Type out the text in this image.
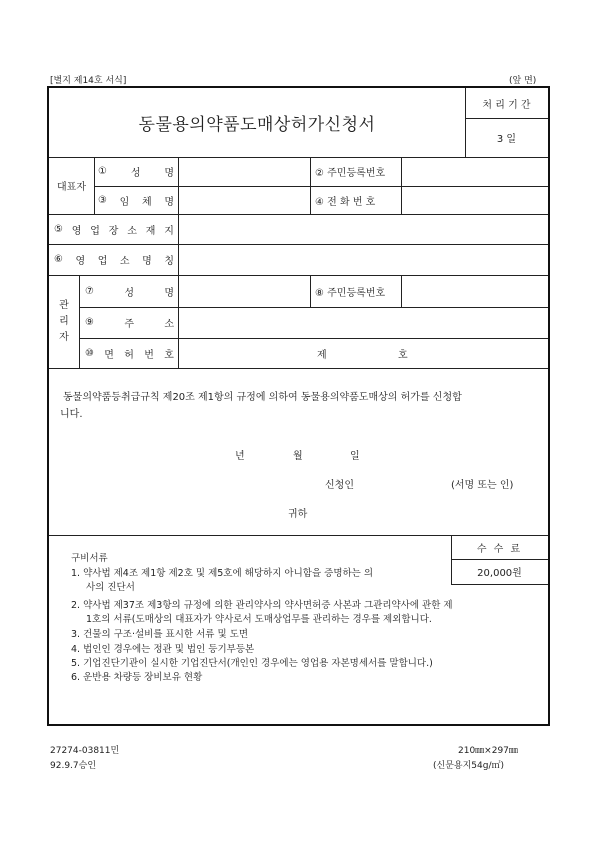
[별지 제14호 서식]	(앞 면)
동물용의약품도매상허가신청서
처 리 기 간
3 일
대표자
① 성 명	② 주민등록번호
③ 임 체 명	④ 전 화 번 호
⑤ 영 업 장 소 재 지
⑥ 영 업 소 명 칭
관
리
자
⑦	성	명	⑧ 주민등록번호
⑨	주	소
⑩ 면 허 번 호	제	호
동물의약품등취급규칙 제20조 제1항의 규정에 의하여 동물용의약품도매상의 허가를 신청합
니다.
년	월	일
신청인	(서명 또는 인)
귀하
수 수 료
20,000원
구비서류
1. 약사법 제4조 제1항 제2호 및 제5호에 해당하지 아니함을 증명하는 의
사의 진단서
2. 약사법 제37조 제3항의 규정에 의한 관리약사의 약사면허증 사본과 그관리약사에 관한 제
1호의 서류(도매상의 대표자가 약사로서 도매상업무를 관리하는 경우를 제외합니다.
3. 건물의 구조·설비를 표시한 서류 및 도면
4. 법인인 경우에는 정관 및 법인 등기부등본
5. 기업진단기관이 실시한 기업진단서(개인인 경우에는 영업용 자본명세서를 말합니다.)
6. 운반용 차량등 장비보유 현황
27274-03811민
92.9.7승인
210㎜×297㎜
(신문용지54g/㎡)
